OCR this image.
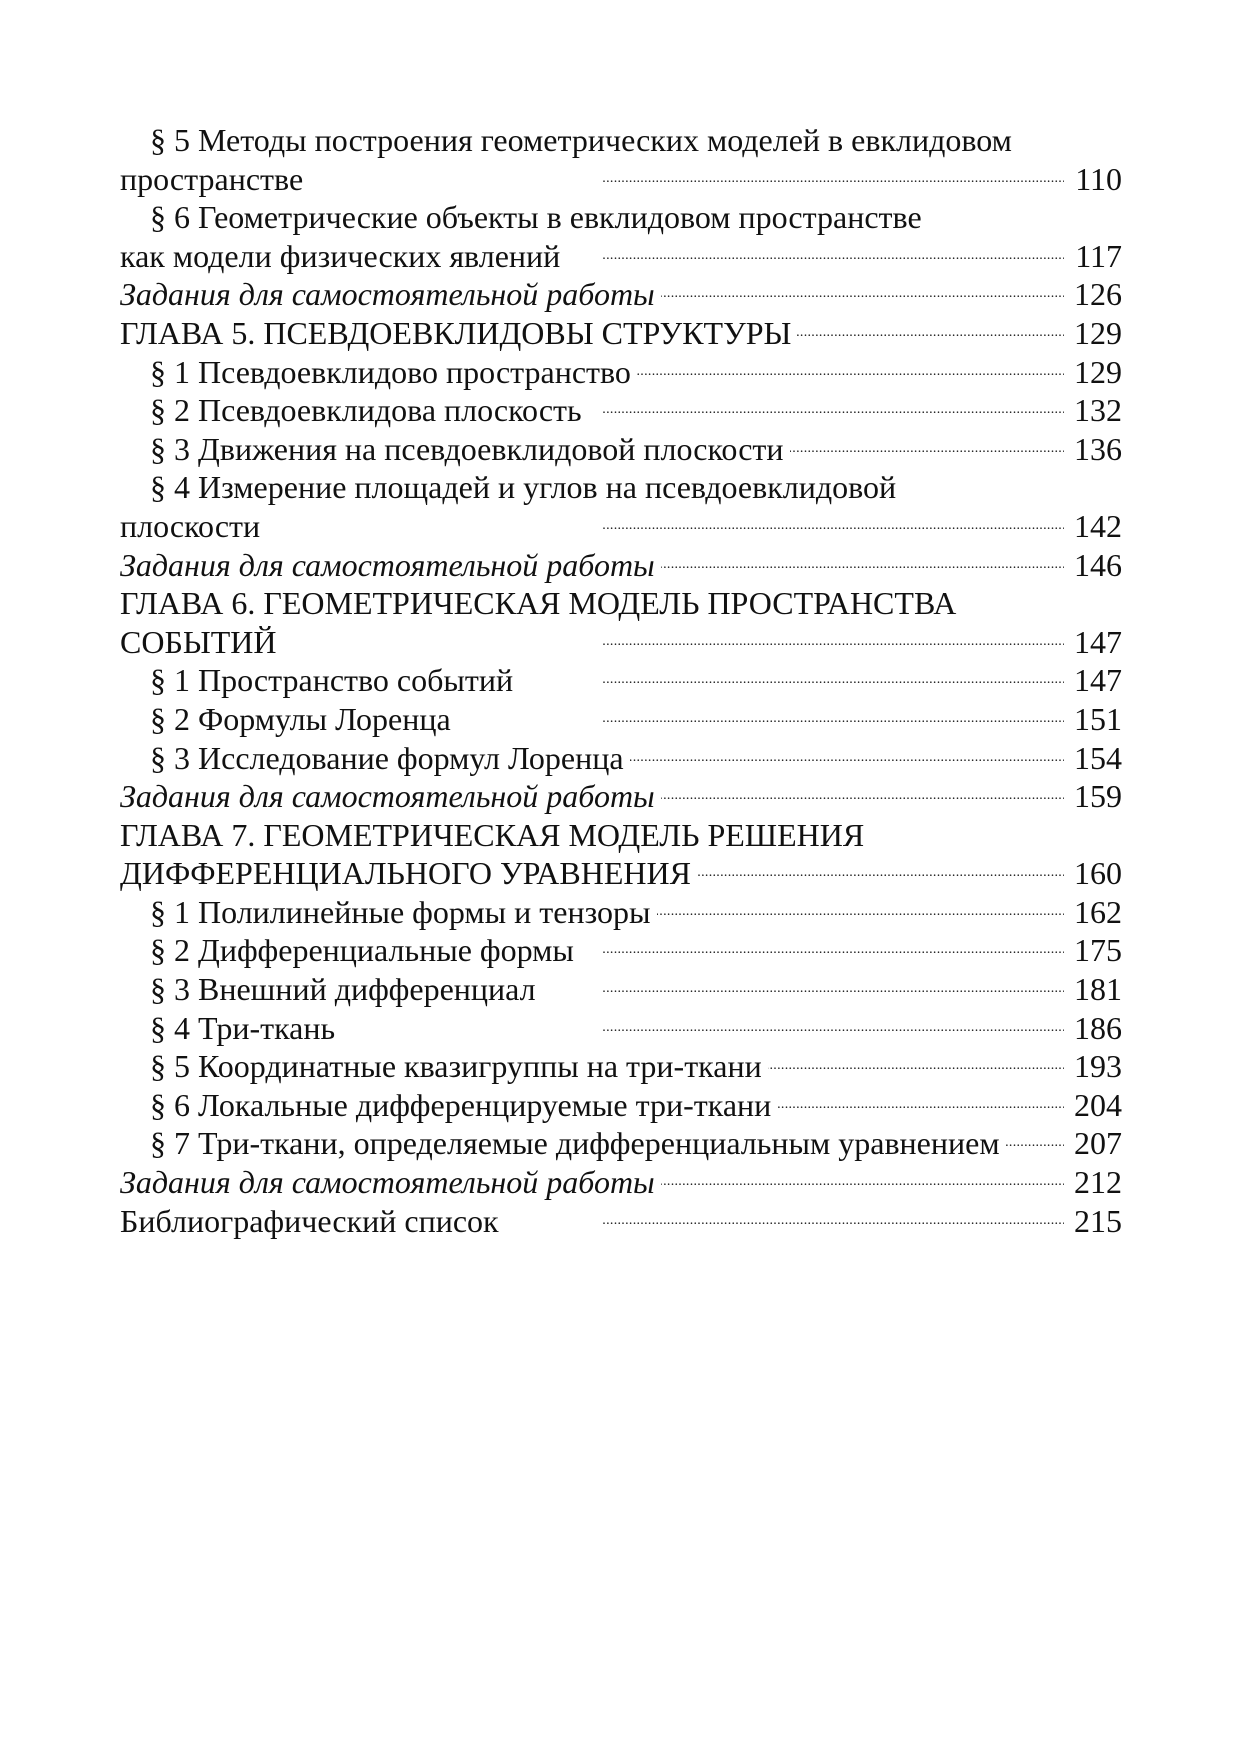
§ 5 Методы построения геометрических моделей в евклидовом
пространстве . . .	110
§ 6 Геометрические объекты в евклидовом пространстве
как модели физических явлений . . .	117
Задания для самостоятельной работы . . .	126
ГЛАВА 5. ПСЕВДОЕВКЛИДОВЫ СТРУКТУРЫ . . .	129
§ 1 Псевдоевклидово пространство . . .	129
§ 2 Псевдоевклидова плоскость . . .	132
§ 3 Движения на псевдоевклидовой плоскости . . .	136
§ 4 Измерение площадей и углов на псевдоевклидовой
плоскости . . .	142
Задания для самостоятельной работы . . .	146
ГЛАВА 6. ГЕОМЕТРИЧЕСКАЯ МОДЕЛЬ ПРОСТРАНСТВА
СОБЫТИЙ . . .	147
§ 1 Пространство событий . . .	147
§ 2 Формулы Лоренца . . .	151
§ 3 Исследование формул Лоренца . . .	154
Задания для самостоятельной работы . . .	159
ГЛАВА 7. ГЕОМЕТРИЧЕСКАЯ МОДЕЛЬ РЕШЕНИЯ
ДИФФЕРЕНЦИАЛЬНОГО УРАВНЕНИЯ . . .	160
§ 1 Полилинейные формы и тензоры . . .	162
§ 2 Дифференциальные формы . . .	175
§ 3 Внешний дифференциал . . .	181
§ 4 Три-ткань . . .	186
§ 5 Координатные квазигруппы на три-ткани . . .	193
§ 6 Локальные дифференцируемые три-ткани . . .	204
§ 7 Три-ткани, определяемые дифференциальным уравнением . . . 207
Задания для самостоятельной работы . . .	212
Библиографический список . . .	215
